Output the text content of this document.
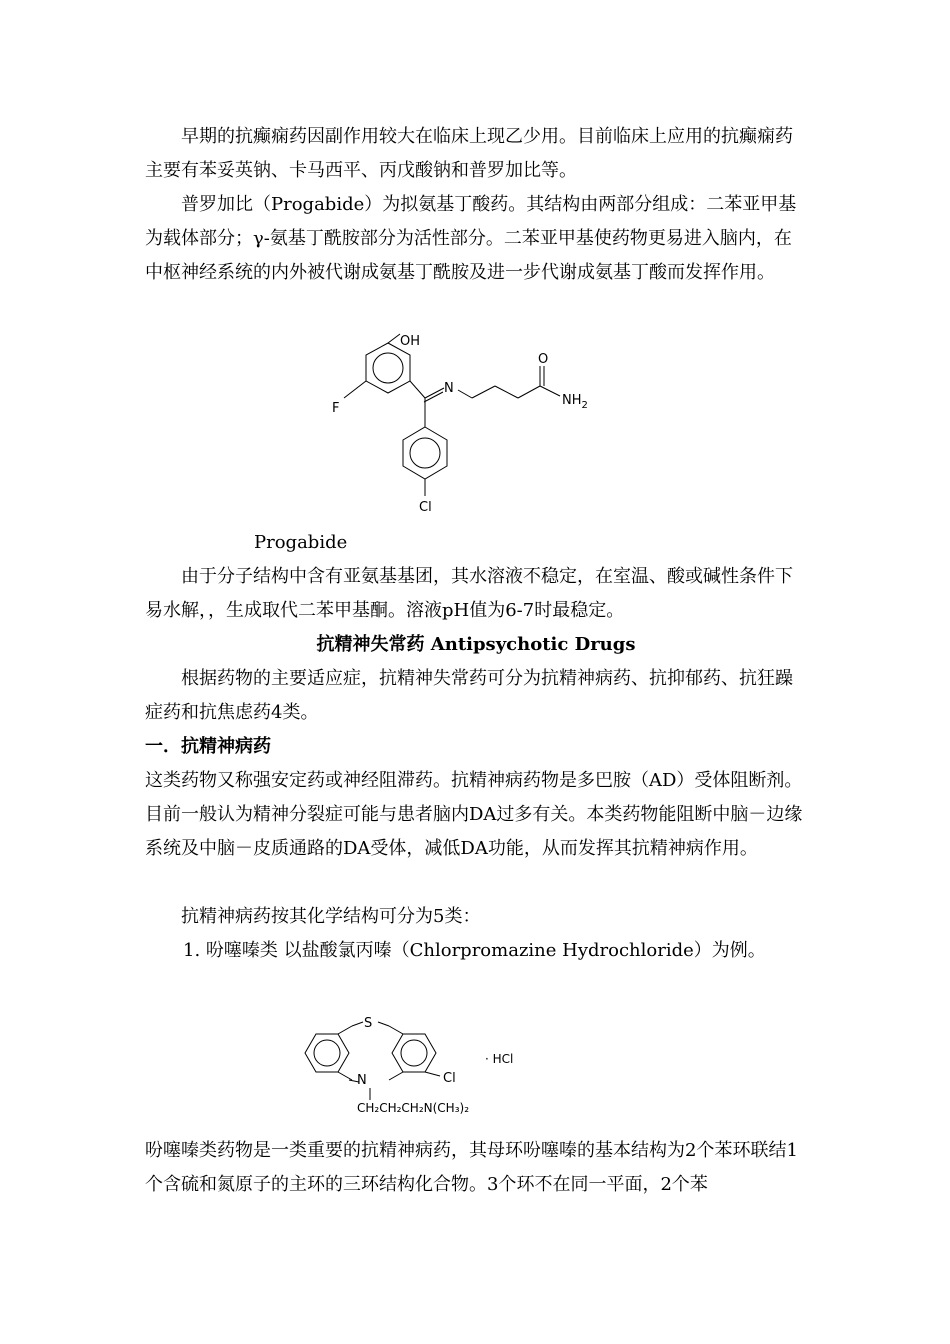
早期的抗癫痫药因副作用较大在临床上现乙少用。目前临床上应用的抗癫痫药主要有苯妥英钠、卡马西平、丙戊酸钠和普罗加比等。

普罗加比（Progabide）为拟氨基丁酸药。其结构由两部分组成：二苯亚甲基为载体部分；γ-氨基丁酰胺部分为活性部分。二苯亚甲基使药物更易进入脑内，在中枢神经系统的内外被代谢成氨基丁酰胺及进一步代谢成氨基丁酸而发挥作用。

OH
N
O
$NH_2$
F
Cl

Progabide

由于分子结构中含有亚氨基基团，其水溶液不稳定，在室温、酸或碱性条件下易水解，，生成取代二苯甲基酮。溶液pH值为6-7时最稳定。

抗精神失常药 Antipsychotic Drugs

根据药物的主要适应症，抗精神失常药可分为抗精神病药、抗抑郁药、抗狂躁症药和抗焦虑药4类。

一．抗精神病药

这类药物又称强安定药或神经阻滞药。抗精神病药物是多巴胺（AD）受体阻断剂。目前一般认为精神分裂症可能与患者脑内DA过多有关。本类药物能阻断中脑－边缘系统及中脑－皮质通路的DA受体，减低DA功能，从而发挥其抗精神病作用。

抗精神病药按其化学结构可分为5类：

1. 吩噻嗪类 以盐酸氯丙嗪（Chlorpromazine Hydrochloride）为例。

S
N	Cl
· HCl
CH₂CH₂CH₂N(CH₃)₂

吩噻嗪类药物是一类重要的抗精神病药，其母环吩噻嗪的基本结构为2个苯环联结1个含硫和氮原子的主环的三环结构化合物。3个环不在同一平面，2个苯
